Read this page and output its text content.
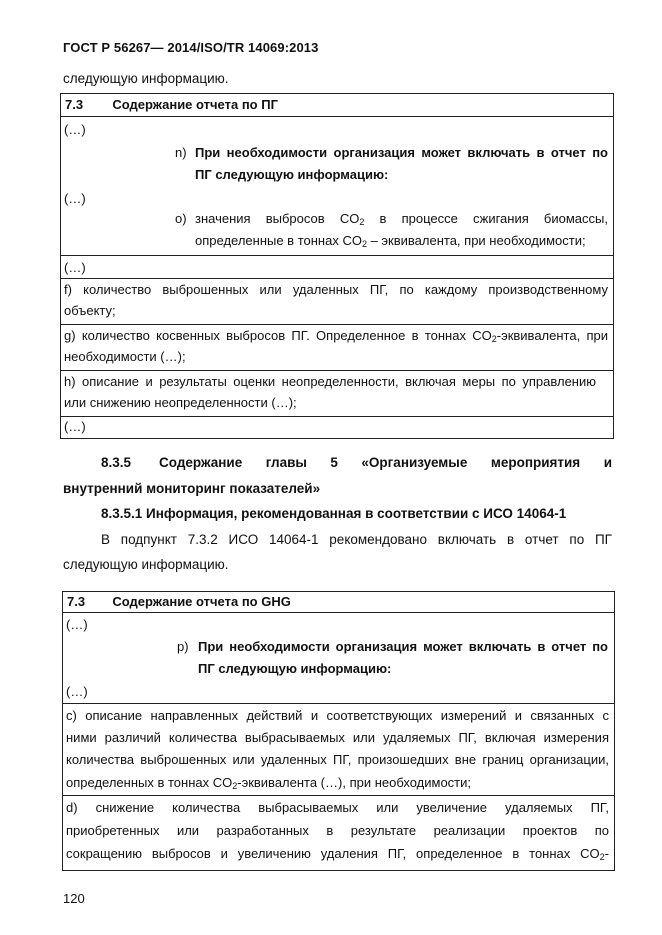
ГОСТ Р 56267— 2014/ISO/TR 14069:2013
следующую информацию.
7.3 Содержание отчета по ПГ
(…)
n) При необходимости организация может включать в отчет по
ПГ следующую информацию:
(…)
o) значения выбросов $CO_2$ в процессе сжигания биомассы,
определенные в тоннах $CO_2$ – эквивалента, при необходимости;
(…)
f) количество выброшенных или удаленных ПГ, по каждому производственному
объекту;
g) количество косвенных выбросов ПГ. Определенное в тоннах $CO_2$-эквивалента, при
необходимости (…);
h) описание и результаты оценки неопределенности, включая меры по управлению
или снижению неопределенности (…);
(…)
8.3.5 Содержание главы 5 «Организуемые мероприятия и
внутренний мониторинг показателей»
8.3.5.1 Информация, рекомендованная в соответствии с ИСО 14064-1
В подпункт 7.3.2 ИСО 14064-1 рекомендовано включать в отчет по ПГ
следующую информацию.
7.3 Содержание отчета по GHG
(…)
p) При необходимости организация может включать в отчет по
ПГ следующую информацию:
(…)
c) описание направленных действий и соответствующих измерений и связанных с
ними различий количества выбрасываемых или удаляемых ПГ, включая измерения
количества выброшенных или удаленных ПГ, произошедших вне границ организации,
определенных в тоннах $CO_2$-эквивалента (…), при необходимости;
d) снижение количества выбрасываемых или увеличение удаляемых ПГ,
приобретенных или разработанных в результате реализации проектов по
сокращению выбросов и увеличению удаления ПГ, определенное в тоннах $CO_2-$
120
